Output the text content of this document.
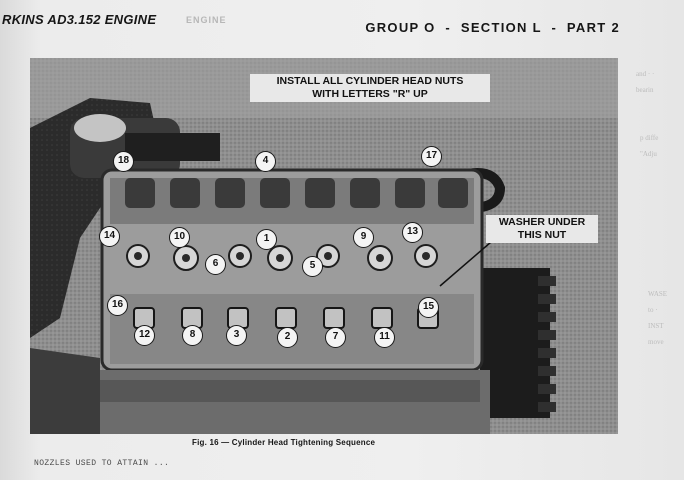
RKINS AD3.152 ENGINE	ENGINE	GROUP O  -  SECTION L  -  PART 2
and · ·
bearin
p diffe
"Adju
WASE
to ·
INST
move
INSTALL ALL CYLINDER HEAD NUTS
WITH LETTERS "R" UP
WASHER UNDER
THIS NUT
18	4	17
14	10	1	9	13
6	5
16	15
12	8	3	2	7	11
Fig. 16 — Cylinder Head Tightening Sequence
NOZZLES USED TO ATTAIN ...
